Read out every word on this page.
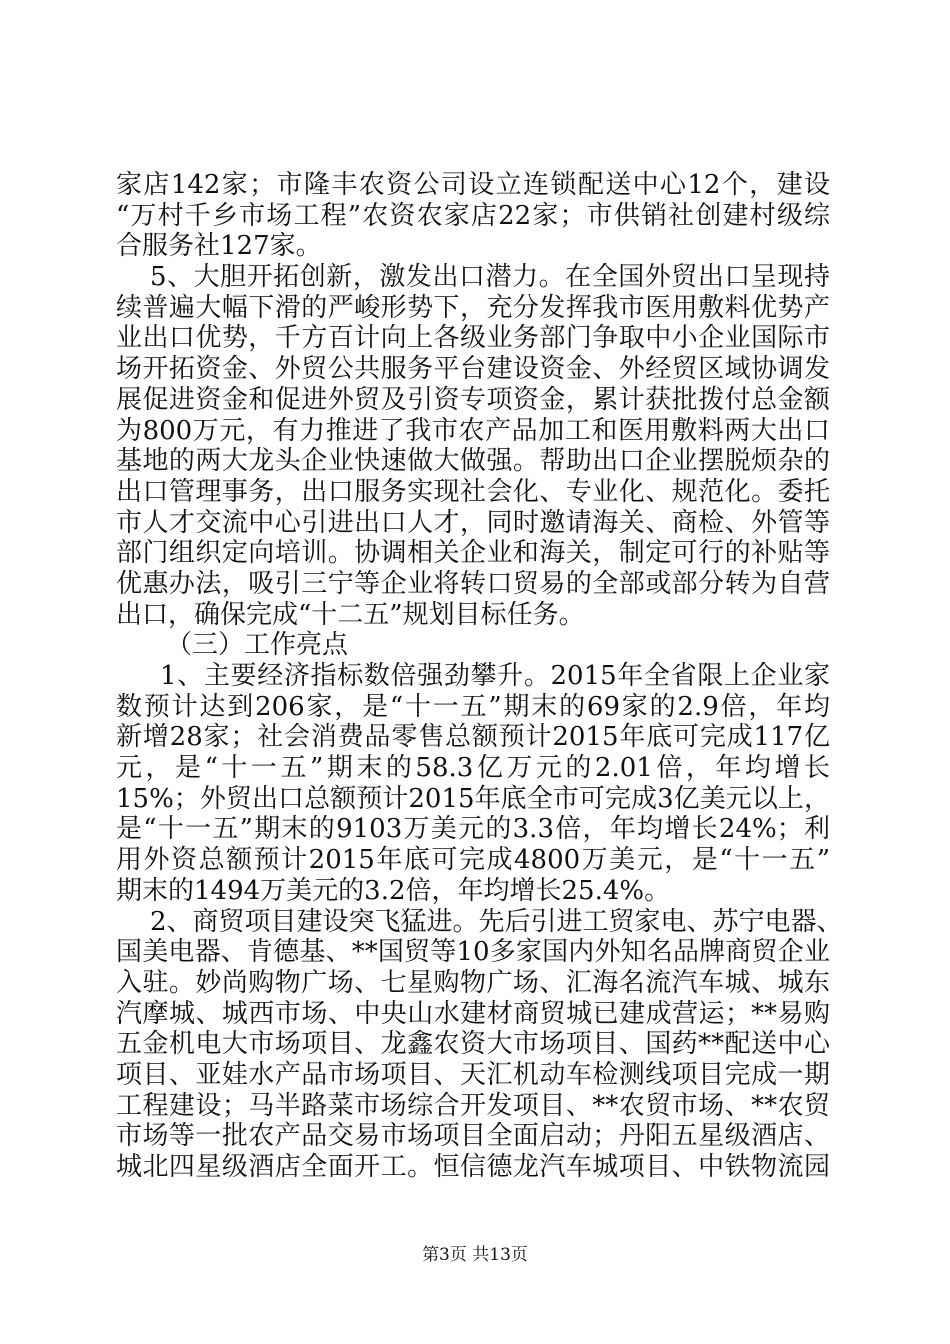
家店142家；市隆丰农资公司设立连锁配送中心12个，建设
“万村千乡市场工程”农资农家店22家；市供销社创建村级综
合服务社127家。
5、大胆开拓创新，激发出口潜力。在全国外贸出口呈现持
续普遍大幅下滑的严峻形势下，充分发挥我市医用敷料优势产
业出口优势，千方百计向上各级业务部门争取中小企业国际市
场开拓资金、外贸公共服务平台建设资金、外经贸区域协调发
展促进资金和促进外贸及引资专项资金，累计获批拨付总金额
为800万元，有力推进了我市农产品加工和医用敷料两大出口
基地的两大龙头企业快速做大做强。帮助出口企业摆脱烦杂的
出口管理事务，出口服务实现社会化、专业化、规范化。委托
市人才交流中心引进出口人才，同时邀请海关、商检、外管等
部门组织定向培训。协调相关企业和海关，制定可行的补贴等
优惠办法，吸引三宁等企业将转口贸易的全部或部分转为自营
出口，确保完成“十二五”规划目标任务。
（三）工作亮点
1、主要经济指标数倍强劲攀升。2015年全省限上企业家
数预计达到206家，是“十一五”期末的69家的2.9倍，年均
新增28家；社会消费品零售总额预计2015年底可完成117亿
元，是“十一五”期末的58.3亿万元的2.01倍，年均增长
15%；外贸出口总额预计2015年底全市可完成3亿美元以上，
是“十一五”期末的9103万美元的3.3倍，年均增长24%；利
用外资总额预计2015年底可完成4800万美元，是“十一五”
期末的1494万美元的3.2倍，年均增长25.4%。
2、商贸项目建设突飞猛进。先后引进工贸家电、苏宁电器、
国美电器、肯德基、**国贸等10多家国内外知名品牌商贸企业
入驻。妙尚购物广场、七星购物广场、汇海名流汽车城、城东
汽摩城、城西市场、中央山水建材商贸城已建成营运；**易购
五金机电大市场项目、龙鑫农资大市场项目、国药**配送中心
项目、亚娃水产品市场项目、天汇机动车检测线项目完成一期
工程建设；马半路菜市场综合开发项目、**农贸市场、**农贸
市场等一批农产品交易市场项目全面启动；丹阳五星级酒店、
城北四星级酒店全面开工。恒信德龙汽车城项目、中铁物流园
第3页 共13页
